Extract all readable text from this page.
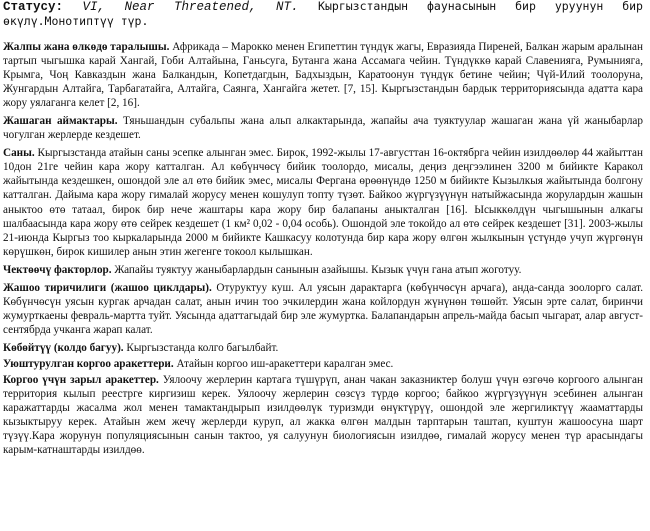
Статусу: VI, Near Threatened, NT. Кыргызстандын фаунасынын бир уруунун бир өкүлү.Монотиптүү түр.

Жалпы жана өлкөдө таралышы. Африкада – Марокко менен Египеттин түндүк жагы, Евразияда Пиреней, Балкан жарым аралынан тартып чыгышка карай Хангай, Гоби Алтайына, Ганьсуга, Бутанга жана Ассамага чейин. Түндүккө карай Славенияга, Румынияга, Крымга, Чоң Кавказдын жана Балкандын, Копетдагдын, Бадхыздын, Каратоонун түндүк бетине чейин; Чүй-Илий тоолоруна, Жунгардын Алтайга, Тарбагатайга, Алтайга, Саянга, Хангайга жетет. [7, 15]. Кыргызстандын бардык территориясында адатта кара жору уялаганга келет [2, 16].

Жашаган аймактары. Тяньшандын субальпы жана альп алкактарында, жапайы ача туяктуулар жашаган жана үй жаныбарлар чогулган жерлерде кездешет.

Саны. Кыргызстанда атайын саны эсепке алынган эмес. Бирок, 1992-жылы 17-августтан 16-октябрга чейин изилдөөлөр 44 жайыттан 10дон 21ге чейин кара жору катталган. Ал көбүнчөсү бийик тоолордо, мисалы, деңиз деңгээлинен 3200 м бийикте Каракол жайытында кездешкен, ошондой эле ал өтө бийик эмес, мисалы Фергана өрөөнүндө 1250 м бийикте Кызылкыя жайытында болгону катталган. Дайыма кара жору гималай жорусу менен кошулуп топту түзөт. Байкоо жүргүзүүнүн натыйжасында жорулардын жашын аныктоо өтө татаал, бирок бир нече жаштары кара жору бир балапаны аныкталган [16]. Ысыккөлдүн чыгышынын алкагы шалбаасында кара жору өтө сейрек кездешет (1 км² 0,02 - 0,04 особь). Ошондой эле токойдо ал өтө сейрек кездешет [31]. 2003-жылы 21-июнда Кыргыз тоо кыркаларында 2000 м бийикте Кашкасуу колотунда бир кара жору өлгөн жылкынын үстүндө учуп жүргөнүн көрүшкөн, бирок кишилер анын этин жегенге токоол кылышкан.

Чектөөчү факторлор. Жапайы туяктуу жаныбарлардын санынын азайышы. Кызык үчүн гана атып жоготуу.

Жашоо тиричилиги (жашоо циклдары). Отуруктуу куш. Ал уясын дарактарга (көбүнчөсүн арчага), анда-санда зоолорго салат. Көбүнчөсүн уясын кургак арчадан салат, анын ичин тоо эчкилердин жана койлордун жүнүнөн төшөйт. Уясын эрте салат, биринчи жумурткаены февраль-мартта туйт. Уясында адаттагыдай бир эле жумуртка. Балапандарын апрель-майда басып чыгарат, алар август-сентябрда учканга жарап калат.

Көбөйтүү (колдо багуу). Кыргызстанда колго багылбайт.

Уюштурулган коргоо аракеттери. Атайын коргоо иш-аракеттери каралган эмес.

Коргоо үчүн зарыл аракеттер. Уялоочу жерлерин картага түшүрүп, анан чакан заказниктер болуш үчүн өзгөчө коргоого алынган территория кылып реестрге киргизиш керек. Уялоочу жерлерин сөзсүз түрдө коргоо; байкоо жүргүзүүнүн эсебинен алынган каражаттарды жасалма жол менен тамактандырып изилдөөлүк туризмди өнүктүрүү, ошондой эле жергиликтүү жааматтарды кызыктыруу керек. Атайын жем жечү жерлерди куруп, ал жакка өлгөн малдын тарптарын таштап, куштун жашоосуна шарт түзүү.Кара жорунун популяциясынын санын тактоо, уя салуунун биологиясын изилдөө, гималай жорусу менен түр арасындагы карым-катнаштарды изилдөө.
